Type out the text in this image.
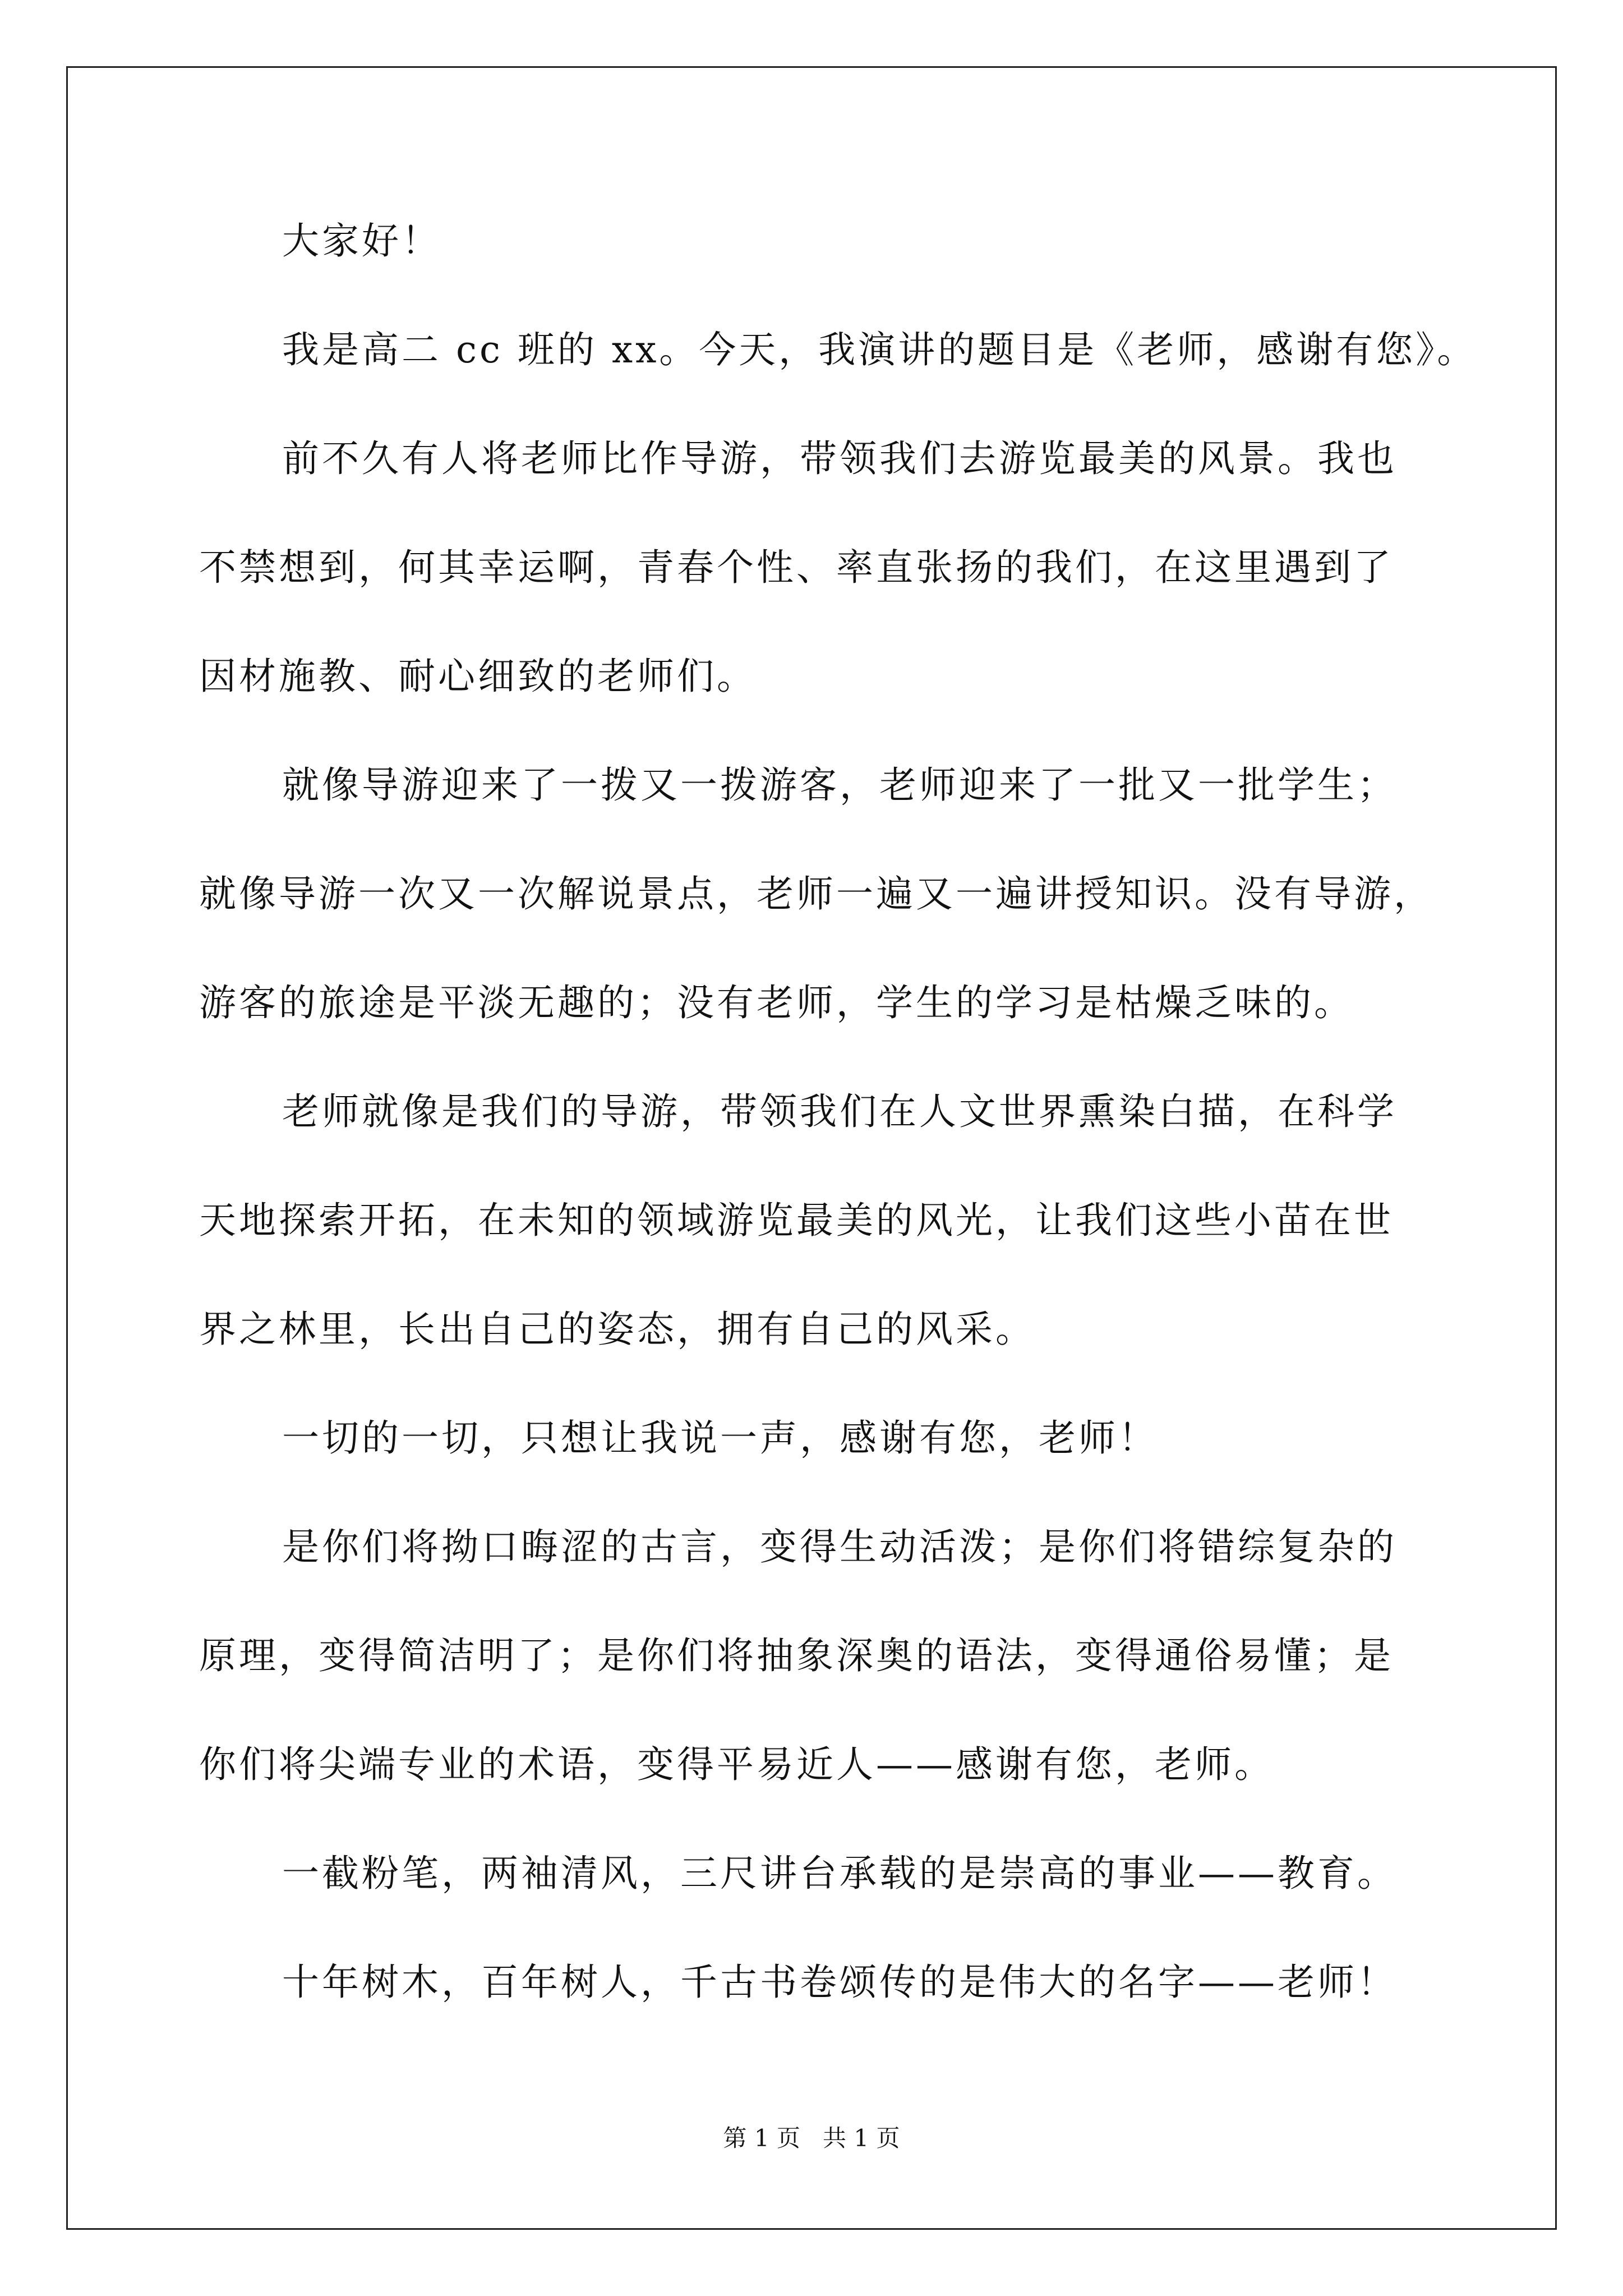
大家好！
我是高二 cc 班的 xx。今天，我演讲的题目是《老师，感谢有您》。
前不久有人将老师比作导游，带领我们去游览最美的风景。我也
不禁想到，何其幸运啊，青春个性、率直张扬的我们，在这里遇到了
因材施教、耐心细致的老师们。
就像导游迎来了一拨又一拨游客，老师迎来了一批又一批学生；
就像导游一次又一次解说景点，老师一遍又一遍讲授知识。没有导游，
游客的旅途是平淡无趣的；没有老师，学生的学习是枯燥乏味的。
老师就像是我们的导游，带领我们在人文世界熏染白描，在科学
天地探索开拓，在未知的领域游览最美的风光，让我们这些小苗在世
界之林里，长出自己的姿态，拥有自己的风采。
一切的一切，只想让我说一声，感谢有您，老师！
是你们将拗口晦涩的古言，变得生动活泼；是你们将错综复杂的
原理，变得简洁明了；是你们将抽象深奥的语法，变得通俗易懂；是
你们将尖端专业的术语，变得平易近人——感谢有您，老师。
一截粉笔，两袖清风，三尺讲台承载的是崇高的事业——教育。
十年树木，百年树人，千古书卷颂传的是伟大的名字——老师！
第 1 页   共 1 页
